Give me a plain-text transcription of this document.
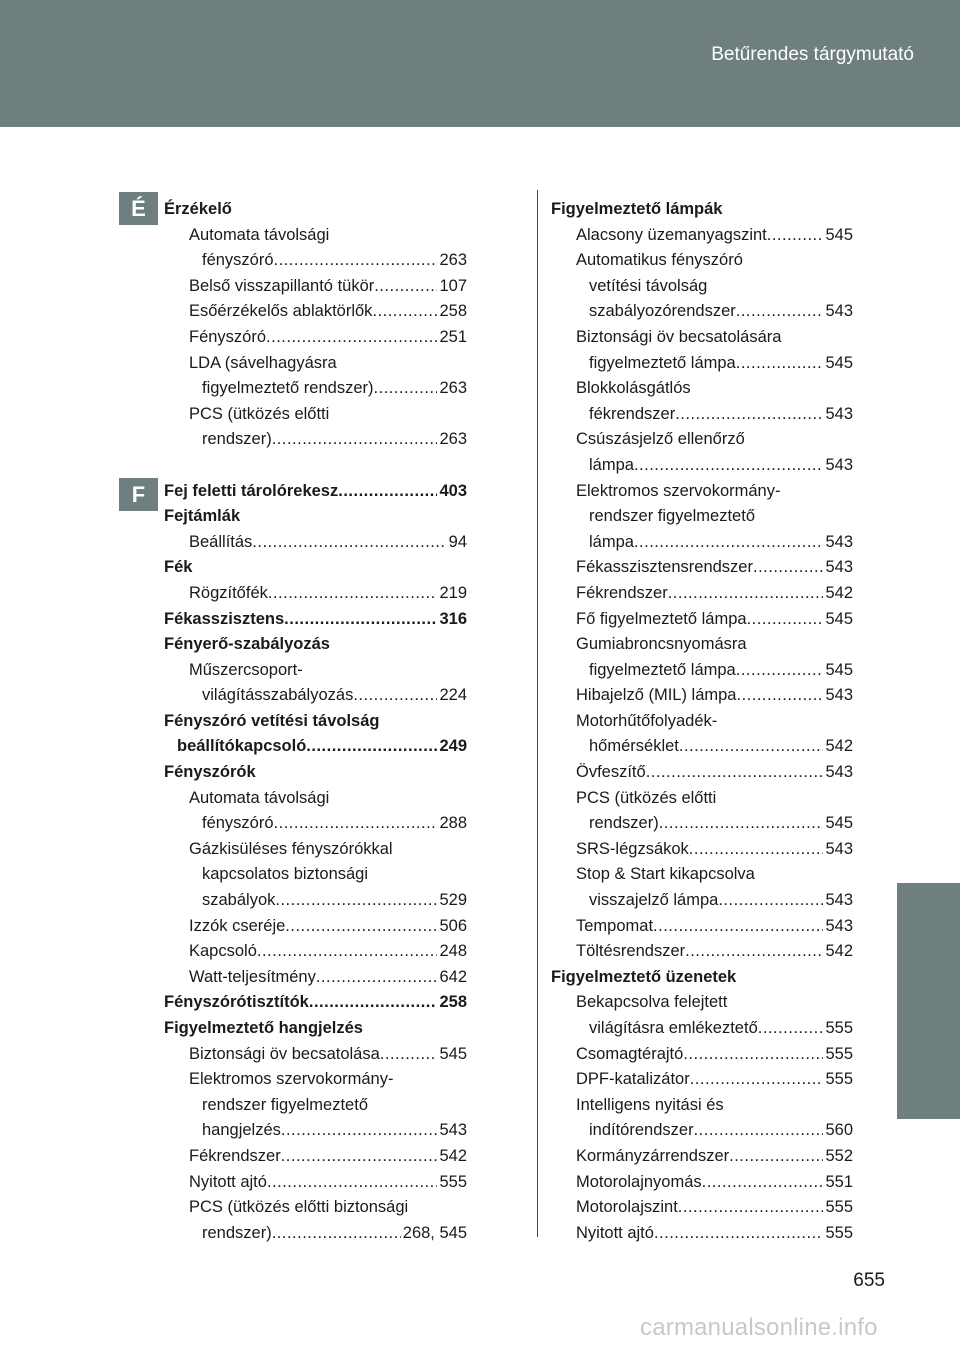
Betűrendes tárgymutató
É
F
Érzékelő
Automata távolsági
fényszóró .....	263
Belső visszapillantó tükör .....	107
Esőérzékelős ablaktörlők .....	258
Fényszóró .....	251
LDA (sávelhagyásra
figyelmeztető rendszer) .....	263
PCS (ütközés előtti
rendszer) .....	263
Fej feletti tárolórekesz .....	403
Fejtámlák
Beállítás .....	94
Fék
Rögzítőfék .....	219
Fékasszisztens .....	316
Fényerő-szabályozás
Műszercsoport-
világításszabályozás .....	224
Fényszóró vetítési távolság
beállítókapcsoló .....	249
Fényszórók
Automata távolsági
fényszóró .....	288
Gázkisüléses fényszórókkal
kapcsolatos biztonsági
szabályok .....	529
Izzók cseréje .....	506
Kapcsoló .....	248
Watt-teljesítmény .....	642
Fényszórótisztítók .....	258
Figyelmeztető hangjelzés
Biztonsági öv becsatolása .....	545
Elektromos szervokormány-
rendszer figyelmeztető
hangjelzés .....	543
Fékrendszer .....	542
Nyitott ajtó .....	555
PCS (ütközés előtti biztonsági
rendszer) .....	268, 545
Figyelmeztető lámpák
Alacsony üzemanyagszint .....	545
Automatikus fényszóró
vetítési távolság
szabályozórendszer .....	543
Biztonsági öv becsatolására
figyelmeztető lámpa .....	545
Blokkolásgátlós
fékrendszer .....	543
Csúszásjelző ellenőrző
lámpa .....	543
Elektromos szervokormány-
rendszer figyelmeztető
lámpa .....	543
Fékasszisztensrendszer .....	543
Fékrendszer .....	542
Fő figyelmeztető lámpa .....	545
Gumiabroncsnyomásra
figyelmeztető lámpa .....	545
Hibajelző (MIL) lámpa .....	543
Motorhűtőfolyadék-
hőmérséklet .....	542
Övfeszítő .....	543
PCS (ütközés előtti
rendszer) .....	545
SRS-légzsákok .....	543
Stop & Start kikapcsolva
visszajelző lámpa .....	543
Tempomat .....	543
Töltésrendszer .....	542
Figyelmeztető üzenetek
Bekapcsolva felejtett
világításra emlékeztető .....	555
Csomagtérajtó .....	555
DPF-katalizátor .....	555
Intelligens nyitási és
indítórendszer .....	560
Kormányzárrendszer .....	552
Motorolajnyomás .....	551
Motorolajszint .....	555
Nyitott ajtó .....	555
655
carmanualsonline.info
